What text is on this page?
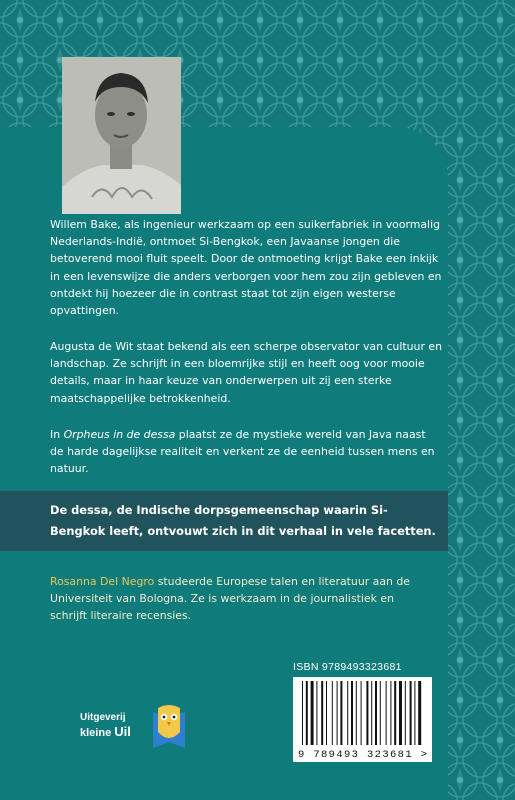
Willem Bake, als ingenieur werkzaam op een suikerfabriek in voormalig Nederlands-Indië, ontmoet Si-Bengkok, een Javaanse jongen die betoverend mooi fluit speelt. Door de ontmoeting krijgt Bake een inkijk in een levenswijze die anders verborgen voor hem zou zijn gebleven en ontdekt hij hoezeer die in contrast staat tot zijn eigen westerse opvattingen.

Augusta de Wit staat bekend als een scherpe observator van cultuur en landschap. Ze schrijft in een bloemrijke stijl en heeft oog voor mooie details, maar in haar keuze van onderwerpen uit zij een sterke maatschappelijke betrokkenheid.

In Orpheus in de dessa plaatst ze de mystieke wereld van Java naast de harde dagelijkse realiteit en verkent ze de eenheid tussen mens en natuur.

De dessa, de Indische dorpsgemeenschap waarin Si-Bengkok leeft, ontvouwt zich in dit verhaal in vele facetten.

Rosanna Del Negro studeerde Europese talen en literatuur aan de Universiteit van Bologna. Ze is werkzaam in de journalistiek en schrijft literaire recensies.

Uitgeverij
kleine Uil
ISBN 9789493323681
9 789493 323681 >
